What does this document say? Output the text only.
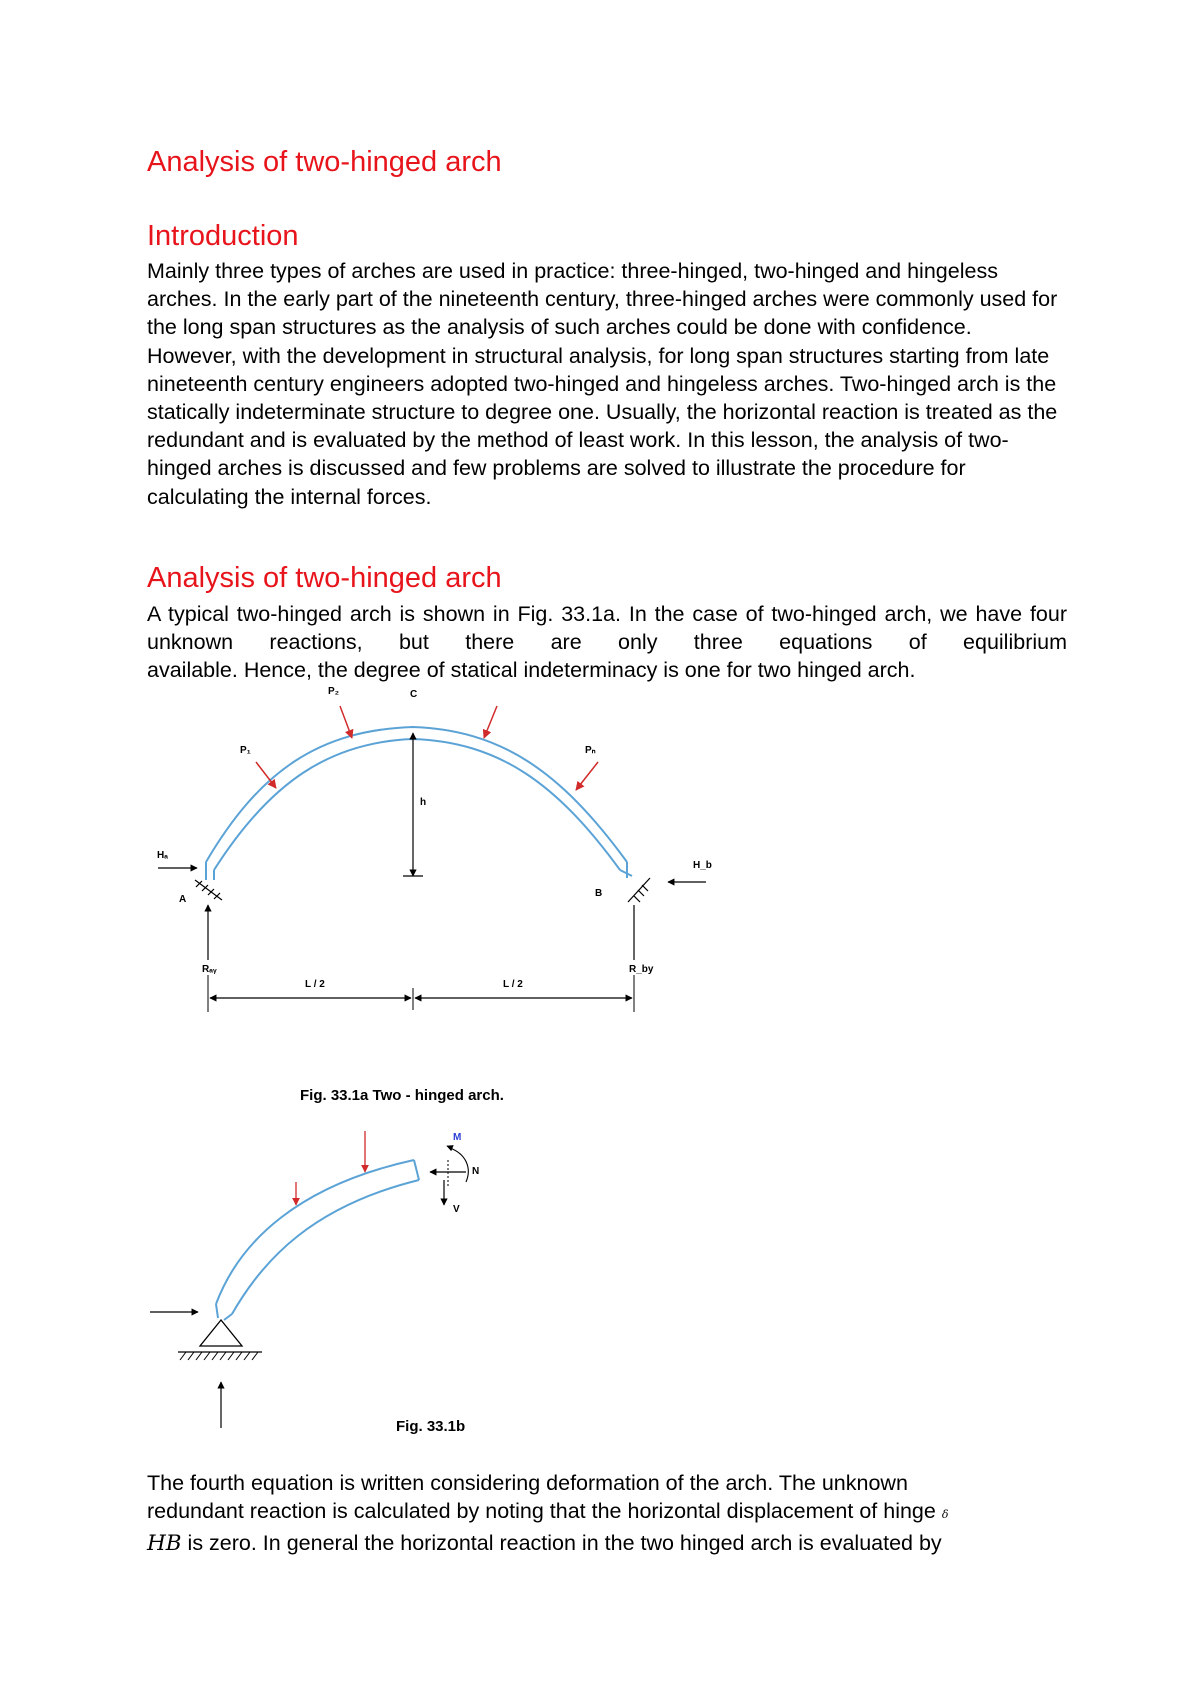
Analysis of two-hinged arch
Introduction

Mainly three types of arches are used in practice: three-hinged, two-hinged and hingeless arches. In the early part of the nineteenth century, three-hinged arches were commonly used for the long span structures as the analysis of such arches could be done with confidence. However, with the development in structural analysis, for long span structures starting from late nineteenth century engineers adopted two-hinged and hingeless arches. Two-hinged arch is the statically indeterminate structure to degree one. Usually, the horizontal reaction is treated as the redundant and is evaluated by the method of least work. In this lesson, the analysis of two-hinged arches is discussed and few problems are solved to illustrate the procedure for calculating the internal forces.

Analysis of two-hinged arch

A typical two-hinged arch is shown in Fig. 33.1a. In the case of two-hinged arch, we have four unknown reactions, but there are only three equations of equilibrium
available. Hence, the degree of statical indeterminacy is one for two hinged arch.

P₂	C
P₁	Pₙ
h
Hₐ
H_b
A
B
Rₐᵧ	R_by
L / 2	L / 2
M
N
V
Fig. 33.1a Two - hinged arch.
Fig. 33.1b
The fourth equation is written considering deformation of the arch. The unknown
redundant reaction is calculated by noting that the horizontal displacement of hinge δ
HB is zero. In general the horizontal reaction in the two hinged arch is evaluated by
